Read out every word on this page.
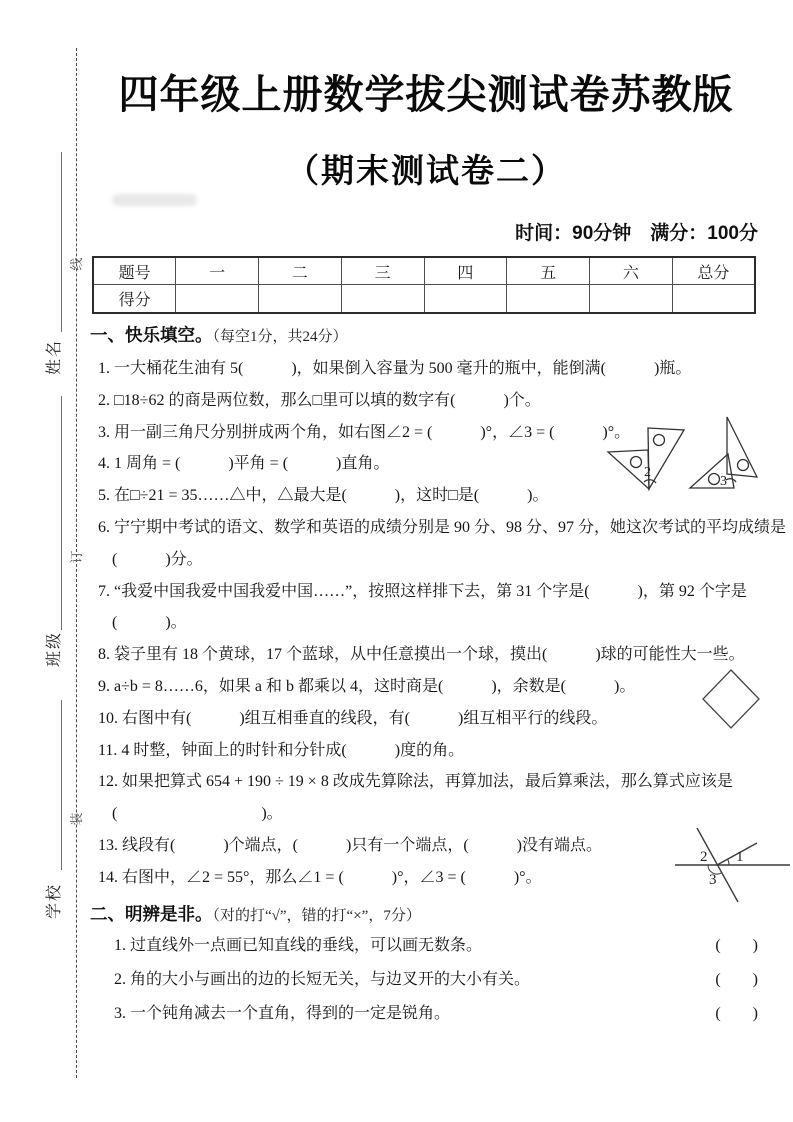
线
订
装
姓名
班级
学校
四年级上册数学拔尖测试卷苏教版
（期末测试卷二）
时间：90分钟　满分：100分
题号	一	二	三	四	五	六	总分
得分							
一、快乐填空。（每空1分，共24分）
1. 一大桶花生油有 5(　　　)，如果倒入容量为 500 毫升的瓶中，能倒满(　　　)瓶。
2. □18÷62 的商是两位数，那么□里可以填的数字有(　　　)个。
3. 用一副三角尺分别拼成两个角，如右图∠2 = (　　　)°，∠3 = (　　　)°。
4. 1 周角 = (　　　)平角 = (　　　)直角。
5. 在□÷21 = 35……△中，△最大是(　　　)，这时□是(　　　)。
6. 宁宁期中考试的语文、数学和英语的成绩分别是 90 分、98 分、97 分，她这次考试的平均成绩是
(　　　)分。
7. “我爱中国我爱中国我爱中国……”，按照这样排下去，第 31 个字是(　　　)，第 92 个字是
(　　　)。
8. 袋子里有 18 个黄球，17 个蓝球，从中任意摸出一个球，摸出(　　　)球的可能性大一些。
9. a÷b = 8……6，如果 a 和 b 都乘以 4，这时商是(　　　)，余数是(　　　)。
10. 右图中有(　　　)组互相垂直的线段，有(　　　)组互相平行的线段。
11. 4 时整，钟面上的时针和分针成(　　　)度的角。
12. 如果把算式 654 + 190 ÷ 19 × 8 改成先算除法，再算加法，最后算乘法，那么算式应该是
(　　　　　　　　　)。
13. 线段有(　　　)个端点，(　　　)只有一个端点，(　　　)没有端点。
14. 右图中，∠2 = 55°，那么∠1 = (　　　)°，∠3 = (　　　)°。
二、明辨是非。（对的打“√”，错的打“×”，7分）
1. 过直线外一点画已知直线的垂线，可以画无数条。	(　　)
2. 角的大小与画出的边的长短无关，与边叉开的大小有关。	(　　)
3. 一个钝角减去一个直角，得到的一定是锐角。	(　　)
2
3
2 1
3
